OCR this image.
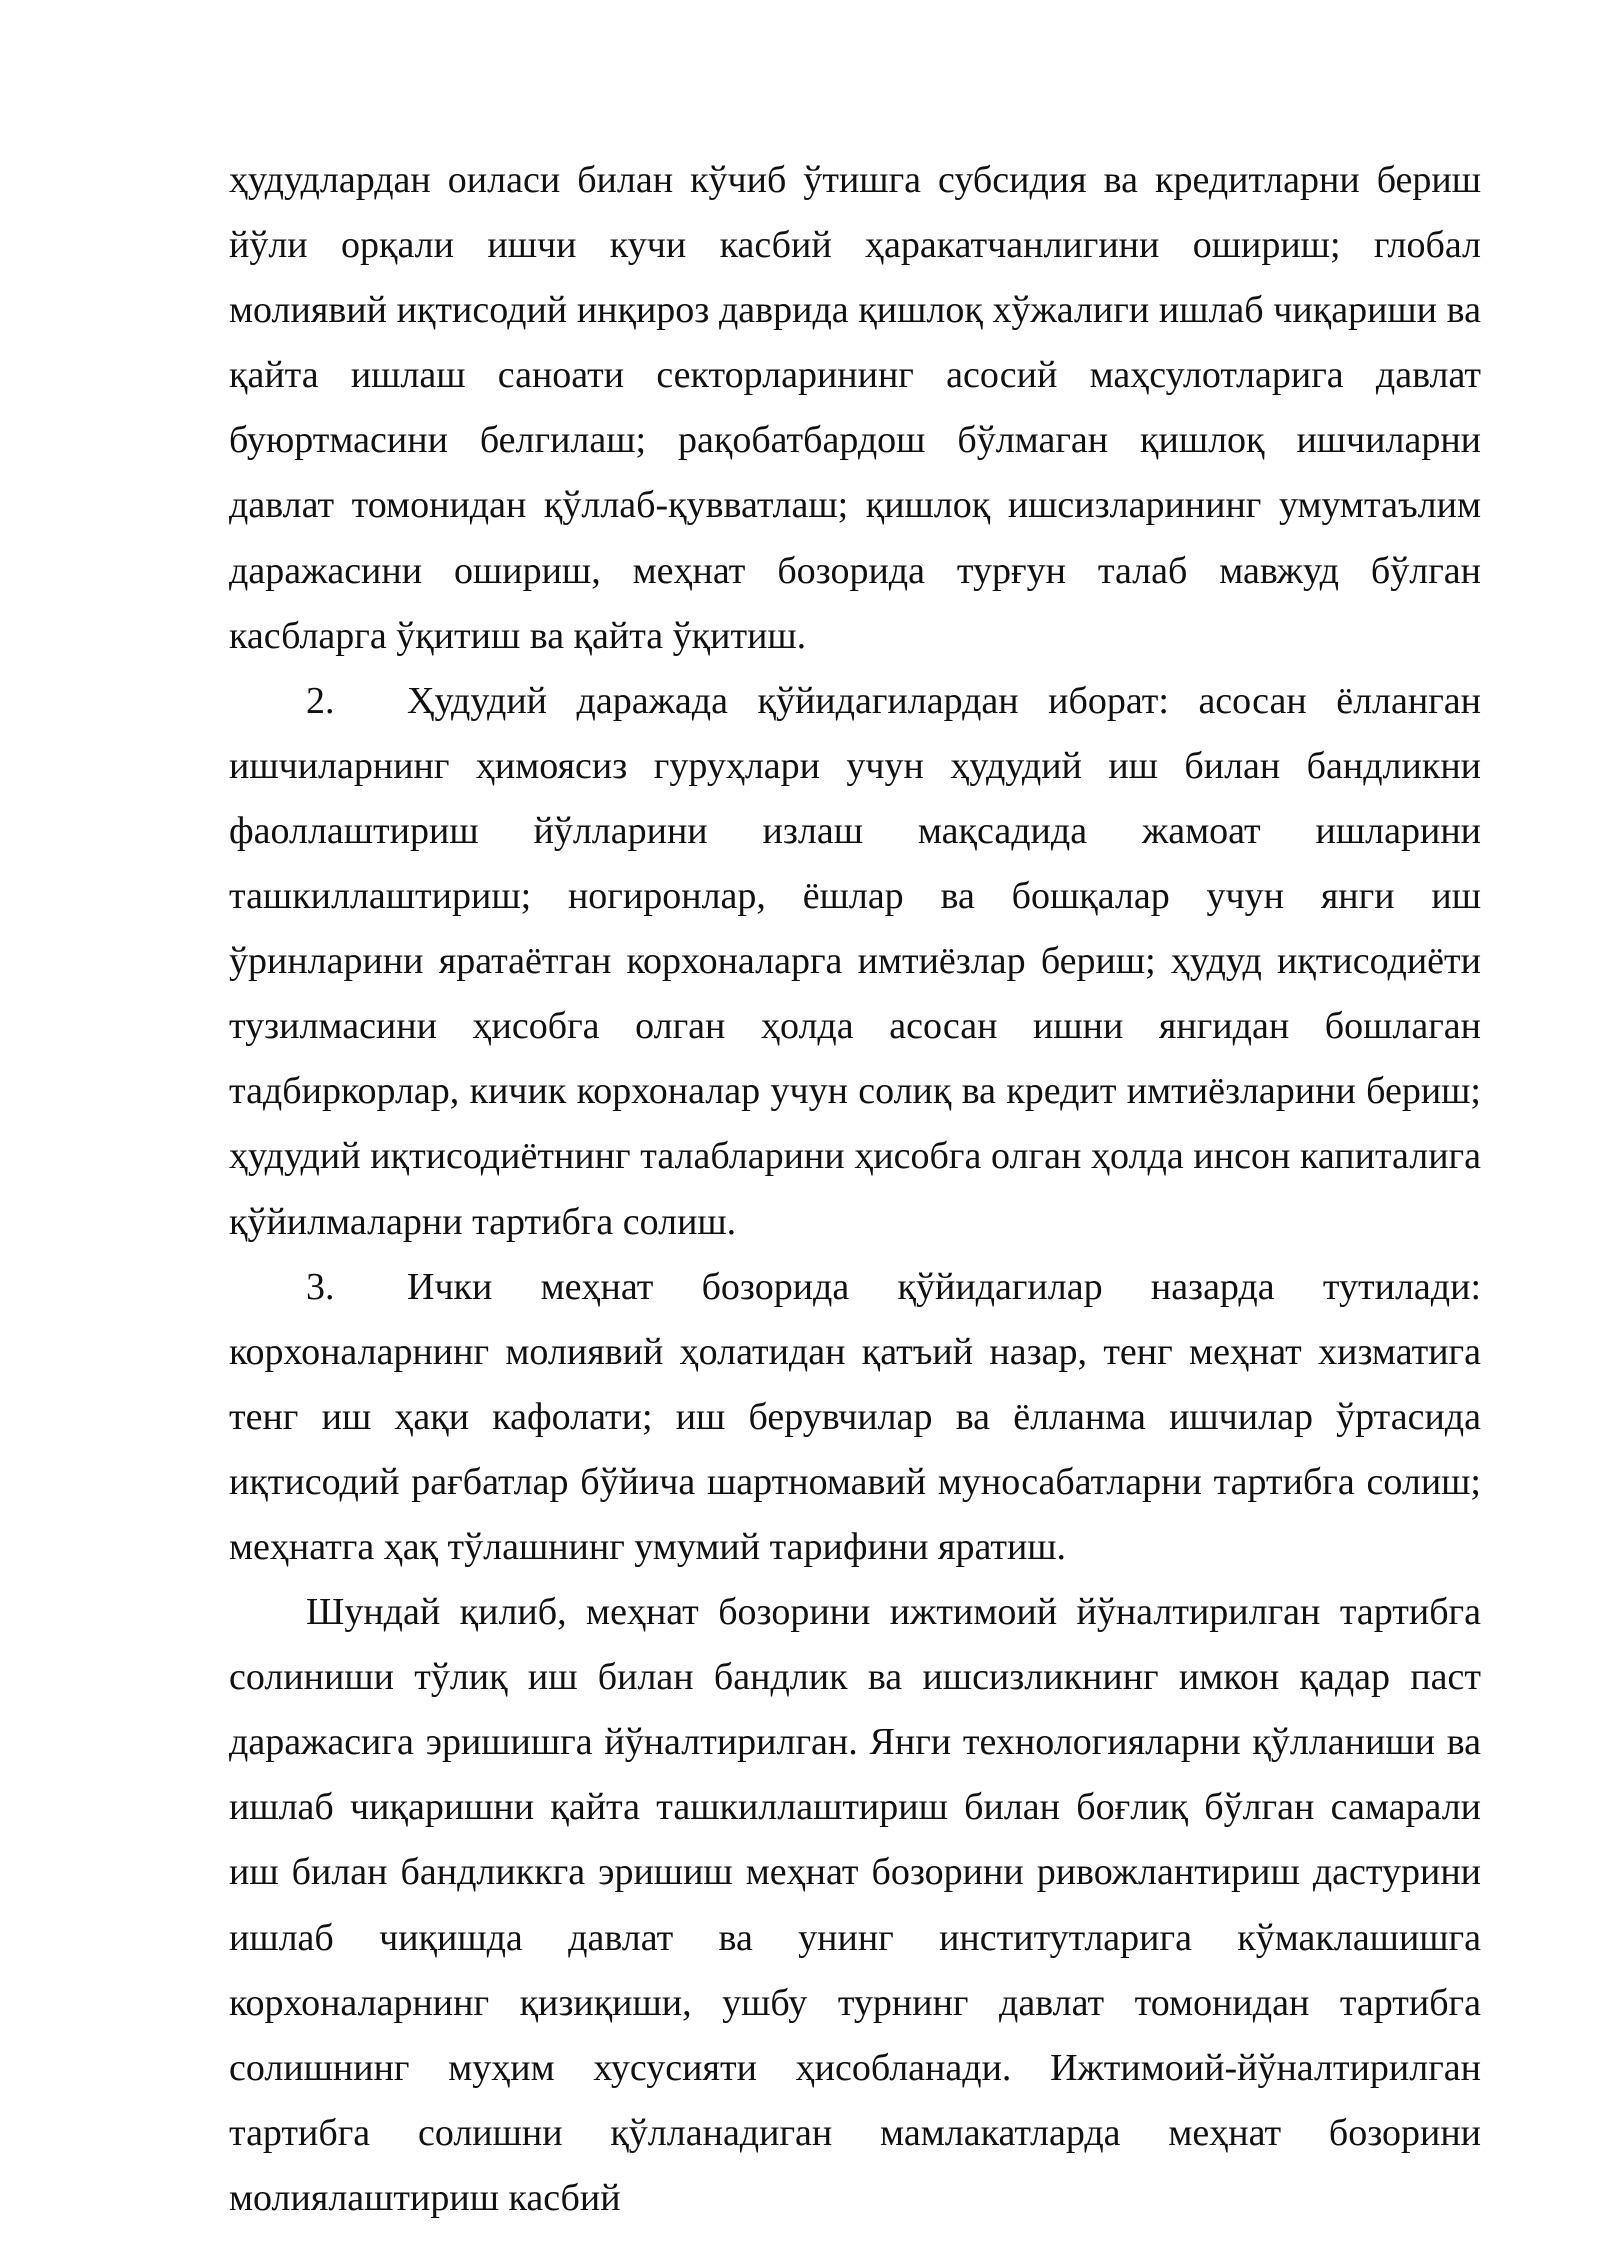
ҳудудлардан оиласи билан кўчиб ўтишга субсидия ва кредитларни бериш йўли орқали ишчи кучи касбий ҳаракатчанлигини ошириш; глобал молиявий иқтисодий инқироз даврида қишлоқ хўжалиги ишлаб чиқариши ва қайта ишлаш саноати секторларининг асосий маҳсулотларига давлат буюртмасини белгилаш; рақобатбардош бўлмаган қишлоқ ишчиларни давлат томонидан қўллаб-қувватлаш; қишлоқ ишсизларининг умумтаълим даражасини ошириш, меҳнат бозорида турғун талаб мавжуд бўлган касбларга ўқитиш ва қайта ўқитиш.

2. Ҳудудий даражада қўйидагилардан иборат: асосан ёлланган ишчиларнинг ҳимоясиз гуруҳлари учун ҳудудий иш билан бандликни фаоллаштириш йўлларини излаш мақсадида жамоат ишларини ташкиллаштириш; ногиронлар, ёшлар ва бошқалар учун янги иш ўринларини яратаётган корхоналарга имтиёзлар бериш; ҳудуд иқтисодиёти тузилмасини ҳисобга олган ҳолда асосан ишни янгидан бошлаган тадбиркорлар, кичик корхоналар учун солиқ ва кредит имтиёзларини бериш; ҳудудий иқтисодиётнинг талабларини ҳисобга олган ҳолда инсон капиталига қўйилмаларни тартибга солиш.

3. Ички меҳнат бозорида қўйидагилар назарда тутилади: корхоналарнинг молиявий ҳолатидан қатъий назар, тенг меҳнат хизматига тенг иш ҳақи кафолати; иш берувчилар ва ёлланма ишчилар ўртасида иқтисодий рағбатлар бўйича шартномавий муносабатларни тартибга солиш; меҳнатга ҳақ тўлашнинг умумий тарифини яратиш.

Шундай қилиб, меҳнат бозорини ижтимоий йўналтирилган тартибга солиниши тўлиқ иш билан бандлик ва ишсизликнинг имкон қадар паст даражасига эришишга йўналтирилган. Янги технологияларни қўлланиши ва ишлаб чиқаришни қайта ташкиллаштириш билан боғлиқ бўлган самарали иш билан бандликкга эришиш меҳнат бозорини ривожлантириш дастурини ишлаб чиқишда давлат ва унинг институтларига кўмаклашишга корхоналарнинг қизиқиши, ушбу турнинг давлат томонидан тартибга солишнинг муҳим хусусияти ҳисобланади. Ижтимоий-йўналтирилган тартибга солишни қўлланадиган мамлакатларда меҳнат бозорини молиялаштириш касбий
